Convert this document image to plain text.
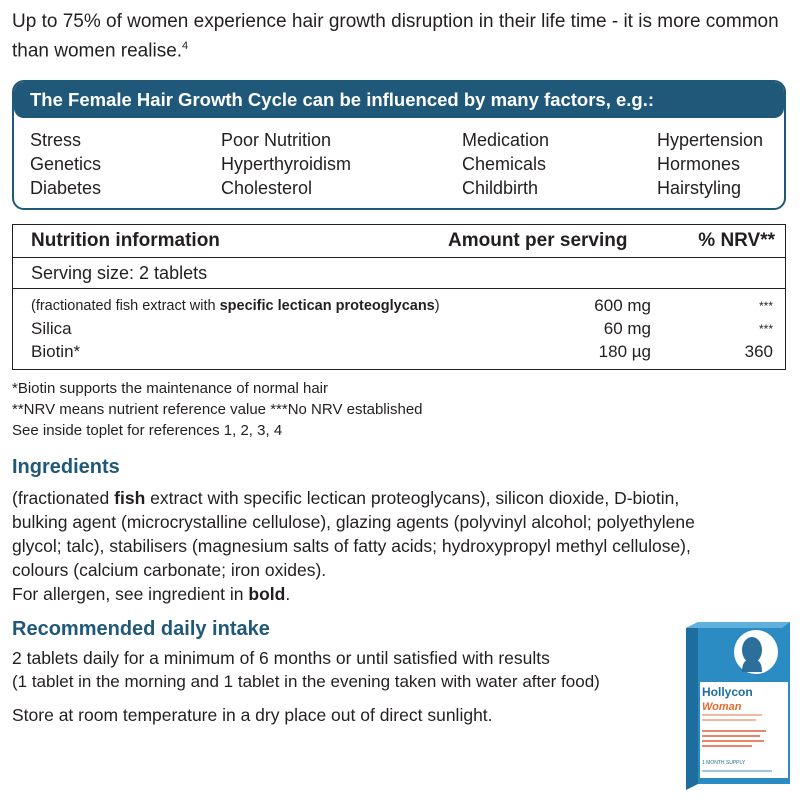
Up to 75% of women experience hair growth disruption in their life time - it is more common than women realise.$^4$
The Female Hair Growth Cycle can be influenced by many factors, e.g.:
Stress
Genetics
Diabetes
Poor Nutrition
Hyperthyroidism
Cholesterol
Medication
Chemicals
Childbirth
Hypertension
Hormones
Hairstyling
Nutrition information	Amount per serving	% NRV**
Serving size: 2 tablets
(fractionated fish extract with specific lectican proteoglycans)	600 mg	***
Silica	60 mg	***
Biotin*	180 µg	360
*Biotin supports the maintenance of normal hair
**NRV means nutrient reference value ***No NRV established
See inside toplet for references 1, 2, 3, 4
Ingredients
(fractionated fish extract with specific lectican proteoglycans), silicon dioxide, D-biotin, bulking agent (microcrystalline cellulose), glazing agents (polyvinyl alcohol; polyethylene glycol; talc), stabilisers (magnesium salts of fatty acids; hydroxypropyl methyl cellulose), colours (calcium carbonate; iron oxides).
For allergen, see ingredient in bold.
Recommended daily intake
2 tablets daily for a minimum of 6 months or until satisfied with results
(1 tablet in the morning and 1 tablet in the evening taken with water after food)
Store at room temperature in a dry place out of direct sunlight.
Hollycon
Woman
1 MONTH SUPPLY
